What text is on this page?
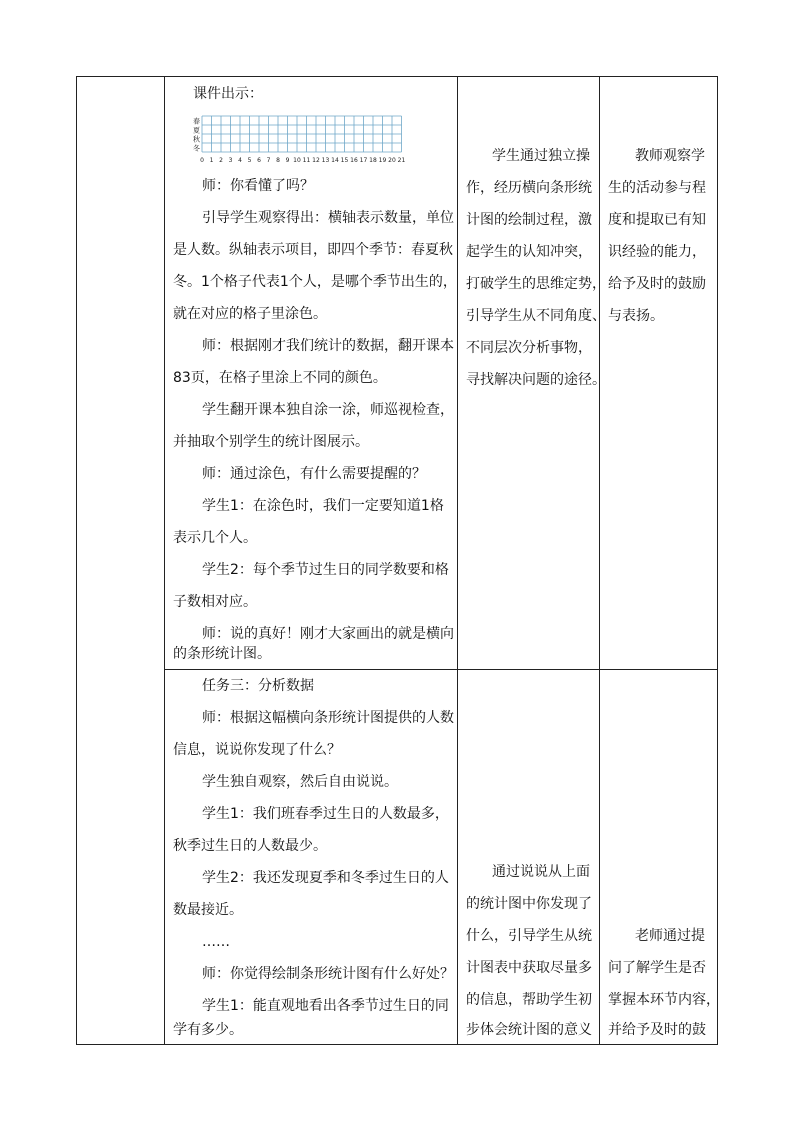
课件出示：
春
夏
秋
冬
0 1 2 3 4 5 6 7 8 9 10 11 12 13 14 15 16 17 18 19 20 21
师：你看懂了吗？
引导学生观察得出：横轴表示数量，单位
是人数。纵轴表示项目，即四个季节：春夏秋
冬。1个格子代表1个人，是哪个季节出生的，
就在对应的格子里涂色。
师：根据刚才我们统计的数据，翻开课本
83页，在格子里涂上不同的颜色。
学生翻开课本独自涂一涂，师巡视检查，
并抽取个别学生的统计图展示。
师：通过涂色，有什么需要提醒的？
学生1：在涂色时，我们一定要知道1格
表示几个人。
学生2：每个季节过生日的同学数要和格
子数相对应。
师：说的真好！刚才大家画出的就是横向
的条形统计图。
学生通过独立操
作，经历横向条形统
计图的绘制过程，激
起学生的认知冲突，
打破学生的思维定势，
引导学生从不同角度、
不同层次分析事物，
寻找解决问题的途径。
教师观察学
生的活动参与程
度和提取已有知
识经验的能力，
给予及时的鼓励
与表扬。
任务三：分析数据
师：根据这幅横向条形统计图提供的人数
信息，说说你发现了什么？
学生独自观察，然后自由说说。
学生1：我们班春季过生日的人数最多，
秋季过生日的人数最少。
学生2：我还发现夏季和冬季过生日的人
数最接近。
……
师：你觉得绘制条形统计图有什么好处？
学生1：能直观地看出各季节过生日的同
学有多少。
通过说说从上面
的统计图中你发现了
什么，引导学生从统
计图表中获取尽量多
的信息，帮助学生初
步体会统计图的意义
老师通过提
问了解学生是否
掌握本环节内容，
并给予及时的鼓
